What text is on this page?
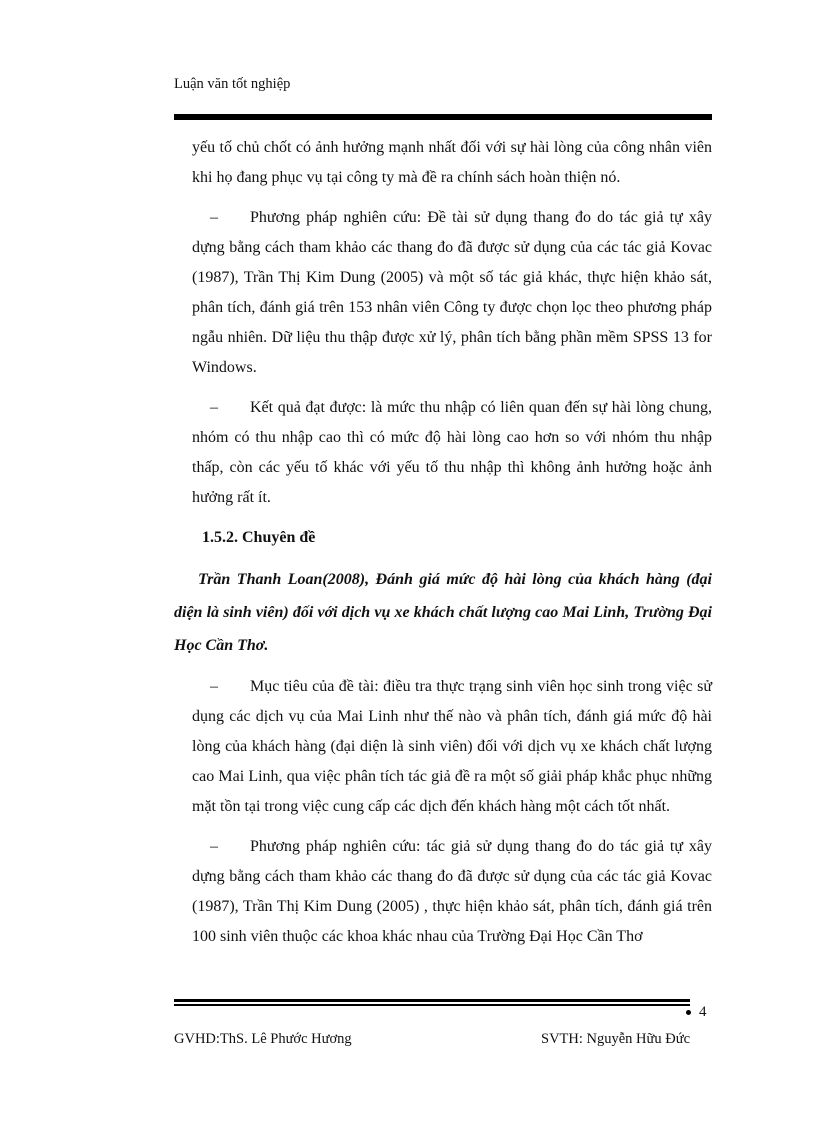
Luận văn tốt nghiệp

yếu tố chủ chốt có ảnh hưởng mạnh nhất đối với sự hài lòng của công nhân viên khi họ đang phục vụ tại công ty mà đề ra chính sách hoàn thiện nó.

– Phương pháp nghiên cứu: Đề tài sử dụng thang đo do tác giả tự xây dựng bằng cách tham khảo các thang đo đã được sử dụng của các tác giả Kovac (1987), Trần Thị Kim Dung (2005) và một số tác giả khác, thực hiện khảo sát, phân tích, đánh giá trên 153 nhân viên Công ty được chọn lọc theo phương pháp ngẫu nhiên. Dữ liệu thu thập được xử lý, phân tích bằng phần mềm SPSS 13 for Windows.

– Kết quả đạt được: là mức thu nhập có liên quan đến sự hài lòng chung, nhóm có thu nhập cao thì có mức độ hài lòng cao hơn so với nhóm thu nhập thấp, còn các yếu tố khác với yếu tố thu nhập thì không ảnh hưởng hoặc ảnh hưởng rất ít.

1.5.2. Chuyên đề

Trần Thanh Loan(2008), Đánh giá mức độ hài lòng của khách hàng (đại diện là sinh viên) đối với dịch vụ xe khách chất lượng cao Mai Linh, Trường Đại Học Cần Thơ.

– Mục tiêu của đề tài: điều tra thực trạng sinh viên học sinh trong việc sử dụng các dịch vụ của Mai Linh như thế nào và phân tích, đánh giá mức độ hài lòng của khách hàng (đại diện là sinh viên) đối với dịch vụ xe khách chất lượng cao Mai Linh, qua việc phân tích tác giả đề ra một số giải pháp khắc phục những mặt tồn tại trong việc cung cấp các dịch đến khách hàng một cách tốt nhất.

– Phương pháp nghiên cứu: tác giả sử dụng thang đo do tác giả tự xây dựng bằng cách tham khảo các thang đo đã được sử dụng của các tác giả Kovac (1987), Trần Thị Kim Dung (2005) , thực hiện khảo sát, phân tích, đánh giá trên 100 sinh viên thuộc các khoa khác nhau của Trường Đại Học Cần Thơ

4
GVHD:ThS. Lê Phước Hương	SVTH: Nguyễn Hữu Đức
